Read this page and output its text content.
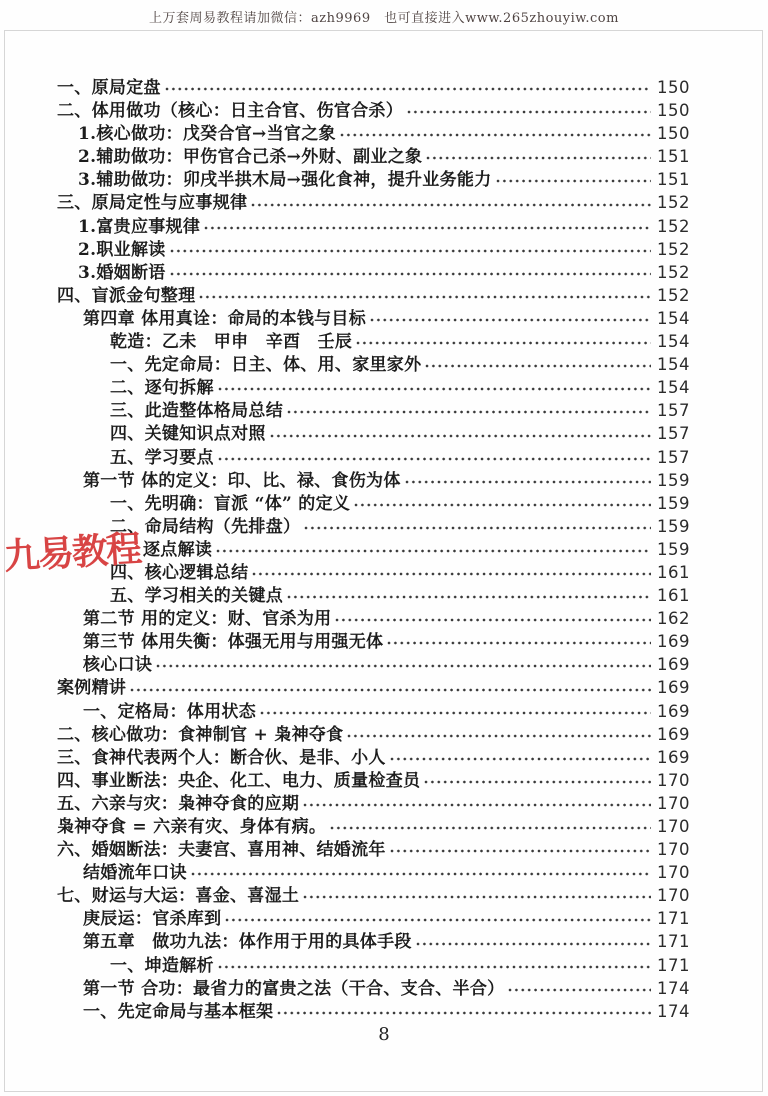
上万套周易教程请加微信：azh9969　也可直接进入www.265zhouyiw.com
一、原局定盘	150
二、体用做功（核心：日主合官、伤官合杀）	150
1.核心做功：戊癸合官→当官之象	150
2.辅助做功：甲伤官合己杀→外财、副业之象	151
3.辅助做功：卯戌半拱木局→强化食神，提升业务能力	151
三、原局定性与应事规律	152
1.富贵应事规律	152
2.职业解读	152
3.婚姻断语	152
四、盲派金句整理	152
第四章 体用真诠：命局的本钱与目标	154
乾造：乙未　甲申　辛酉　壬辰	154
一、先定命局：日主、体、用、家里家外	154
二、逐句拆解	154
三、此造整体格局总结	157
四、关键知识点对照	157
五、学习要点	157
第一节 体的定义：印、比、禄、食伤为体	159
一、先明确：盲派 “体” 的定义	159
二、命局结构（先排盘）	159
逐点解读	159
四、核心逻辑总结	161
五、学习相关的关键点	161
第二节 用的定义：财、官杀为用	162
第三节 体用失衡：体强无用与用强无体	169
核心口诀	169
案例精讲	169
一、定格局：体用状态	169
二、核心做功：食神制官 + 枭神夺食	169
三、食神代表两个人：断合伙、是非、小人	169
四、事业断法：央企、化工、电力、质量检查员	170
五、六亲与灾：枭神夺食的应期	170
枭神夺食 = 六亲有灾、身体有病。	170
六、婚姻断法：夫妻宫、喜用神、结婚流年	170
结婚流年口诀	170
七、财运与大运：喜金、喜湿土	170
庚辰运：官杀库到	171
第五章　做功九法：体作用于用的具体手段	171
一、坤造解析	171
第一节 合功：最省力的富贵之法（干合、支合、半合）	174
一、先定命局与基本框架	174
九易教程
8
